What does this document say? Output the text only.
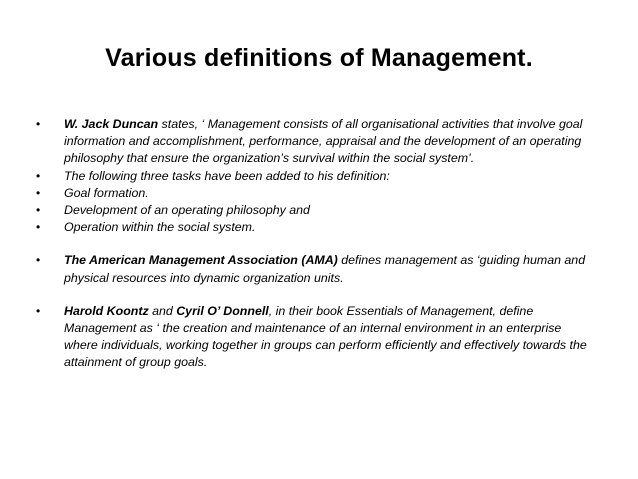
Various definitions of Management.
• W. Jack Duncan states, ‘ Management consists of all organisational activities that involve goal information and accomplishment, performance, appraisal and the development of an operating philosophy that ensure the organization’s survival within the social system’.
• The following three tasks have been added to his definition:
• Goal formation.
• Development of an operating philosophy and
• Operation within the social system.
• The American Management Association (AMA) defines management as ‘guiding human and physical resources into dynamic organization units.
• Harold Koontz and Cyril O’ Donnell, in their book Essentials of Management, define Management as ‘ the creation and maintenance of an internal environment in an enterprise where individuals, working together in groups can perform efficiently and effectively towards the attainment of group goals.
